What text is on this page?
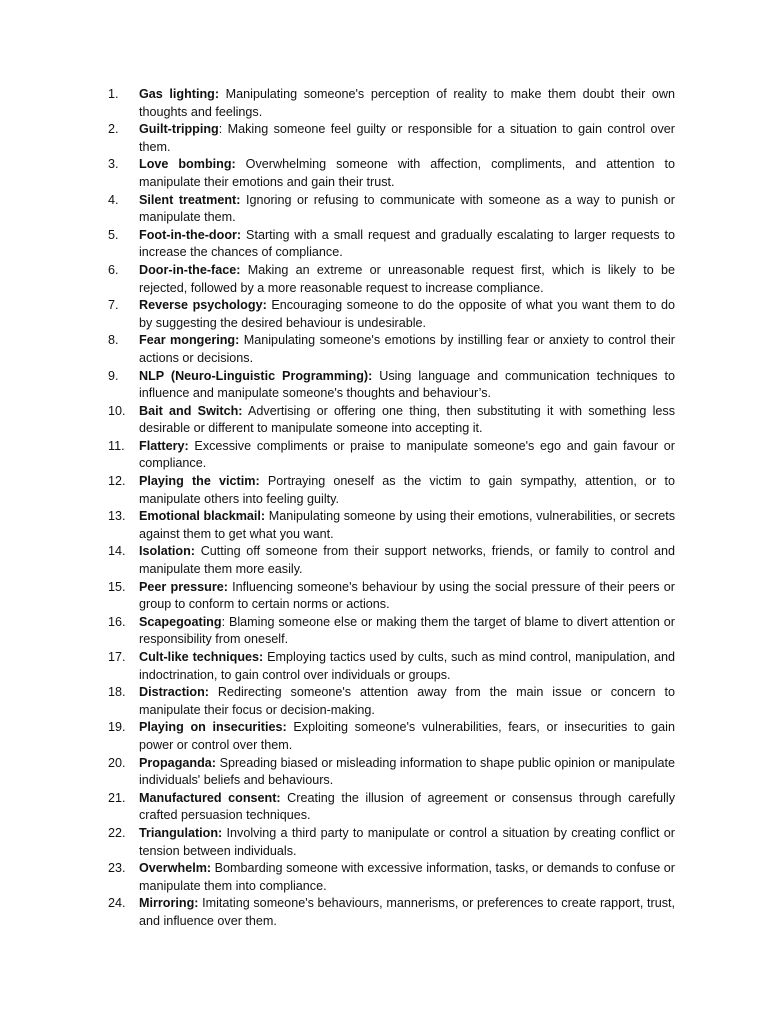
1.	Gas lighting: Manipulating someone's perception of reality to make them doubt their own thoughts and feelings.
2.	Guilt-tripping: Making someone feel guilty or responsible for a situation to gain control over them.
3.	Love bombing: Overwhelming someone with affection, compliments, and attention to manipulate their emotions and gain their trust.
4.	Silent treatment: Ignoring or refusing to communicate with someone as a way to punish or manipulate them.
5.	Foot-in-the-door: Starting with a small request and gradually escalating to larger requests to increase the chances of compliance.
6.	Door-in-the-face: Making an extreme or unreasonable request first, which is likely to be rejected, followed by a more reasonable request to increase compliance.
7.	Reverse psychology: Encouraging someone to do the opposite of what you want them to do by suggesting the desired behaviour is undesirable.
8.	Fear mongering: Manipulating someone's emotions by instilling fear or anxiety to control their actions or decisions.
9.	NLP (Neuro-Linguistic Programming): Using language and communication techniques to influence and manipulate someone's thoughts and behaviour’s.
10.	Bait and Switch: Advertising or offering one thing, then substituting it with something less desirable or different to manipulate someone into accepting it.
11.	Flattery: Excessive compliments or praise to manipulate someone's ego and gain favour or compliance.
12.	Playing the victim: Portraying oneself as the victim to gain sympathy, attention, or to manipulate others into feeling guilty.
13.	Emotional blackmail: Manipulating someone by using their emotions, vulnerabilities, or secrets against them to get what you want.
14.	Isolation: Cutting off someone from their support networks, friends, or family to control and manipulate them more easily.
15.	Peer pressure: Influencing someone's behaviour by using the social pressure of their peers or group to conform to certain norms or actions.
16.	Scapegoating: Blaming someone else or making them the target of blame to divert attention or responsibility from oneself.
17.	Cult-like techniques: Employing tactics used by cults, such as mind control, manipulation, and indoctrination, to gain control over individuals or groups.
18.	Distraction: Redirecting someone's attention away from the main issue or concern to manipulate their focus or decision-making.
19.	Playing on insecurities: Exploiting someone's vulnerabilities, fears, or insecurities to gain power or control over them.
20.	Propaganda: Spreading biased or misleading information to shape public opinion or manipulate individuals' beliefs and behaviours.
21.	Manufactured consent: Creating the illusion of agreement or consensus through carefully crafted persuasion techniques.
22.	Triangulation: Involving a third party to manipulate or control a situation by creating conflict or tension between individuals.
23.	Overwhelm: Bombarding someone with excessive information, tasks, or demands to confuse or manipulate them into compliance.
24.	Mirroring: Imitating someone's behaviours, mannerisms, or preferences to create rapport, trust, and influence over them.
